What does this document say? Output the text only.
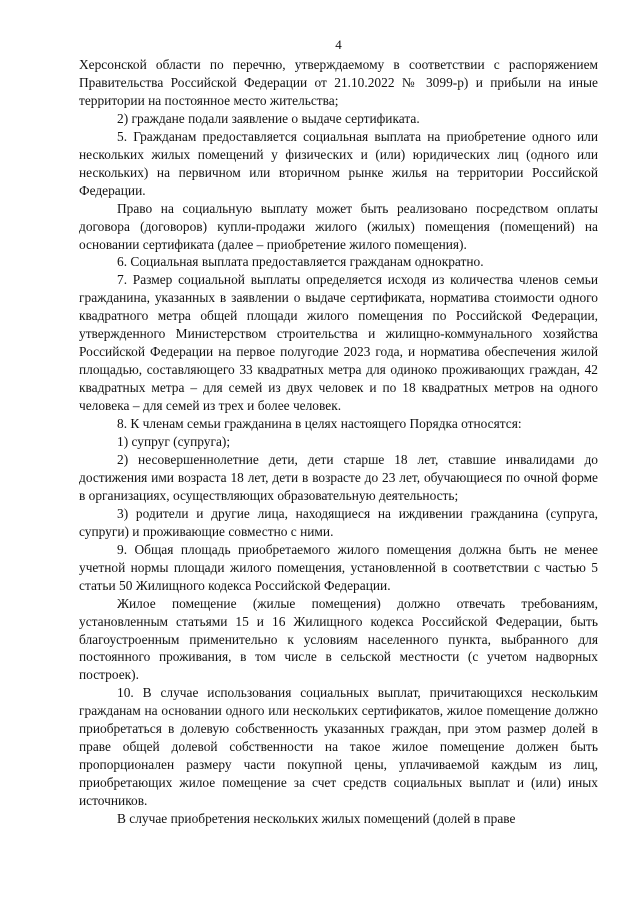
4

Херсонской области по перечню, утверждаемому в соответствии с распоряжением Правительства Российской Федерации от 21.10.2022 № 3099-р) и прибыли на иные территории на постоянное место жительства;

2) граждане подали заявление о выдаче сертификата.

5. Гражданам предоставляется социальная выплата на приобретение одного или нескольких жилых помещений у физических и (или) юридических лиц (одного или нескольких) на первичном или вторичном рынке жилья на территории Российской Федерации.

Право на социальную выплату может быть реализовано посредством оплаты договора (договоров) купли-продажи жилого (жилых) помещения (помещений) на основании сертификата (далее – приобретение жилого помещения).

6. Социальная выплата предоставляется гражданам однократно.

7. Размер социальной выплаты определяется исходя из количества членов семьи гражданина, указанных в заявлении о выдаче сертификата, норматива стоимости одного квадратного метра общей площади жилого помещения по Российской Федерации, утвержденного Министерством строительства и жилищно-коммунального хозяйства Российской Федерации на первое полугодие 2023 года, и норматива обеспечения жилой площадью, составляющего 33 квадратных метра для одиноко проживающих граждан, 42 квадратных метра – для семей из двух человек и по 18 квадратных метров на одного человека – для семей из трех и более человек.

8. К членам семьи гражданина в целях настоящего Порядка относятся:

1) супруг (супруга);

2) несовершеннолетние дети, дети старше 18 лет, ставшие инвалидами до достижения ими возраста 18 лет, дети в возрасте до 23 лет, обучающиеся по очной форме в организациях, осуществляющих образовательную деятельность;

3) родители и другие лица, находящиеся на иждивении гражданина (супруга, супруги) и проживающие совместно с ними.

9. Общая площадь приобретаемого жилого помещения должна быть не менее учетной нормы площади жилого помещения, установленной в соответствии с частью 5 статьи 50 Жилищного кодекса Российской Федерации.

Жилое помещение (жилые помещения) должно отвечать требованиям, установленным статьями 15 и 16 Жилищного кодекса Российской Федерации, быть благоустроенным применительно к условиям населенного пункта, выбранного для постоянного проживания, в том числе в сельской местности (с учетом надворных построек).

10. В случае использования социальных выплат, причитающихся нескольким гражданам на основании одного или нескольких сертификатов, жилое помещение должно приобретаться в долевую собственность указанных граждан, при этом размер долей в праве общей долевой собственности на такое жилое помещение должен быть пропорционален размеру части покупной цены, уплачиваемой каждым из лиц, приобретающих жилое помещение за счет средств социальных выплат и (или) иных источников.

В случае приобретения нескольких жилых помещений (долей в праве
